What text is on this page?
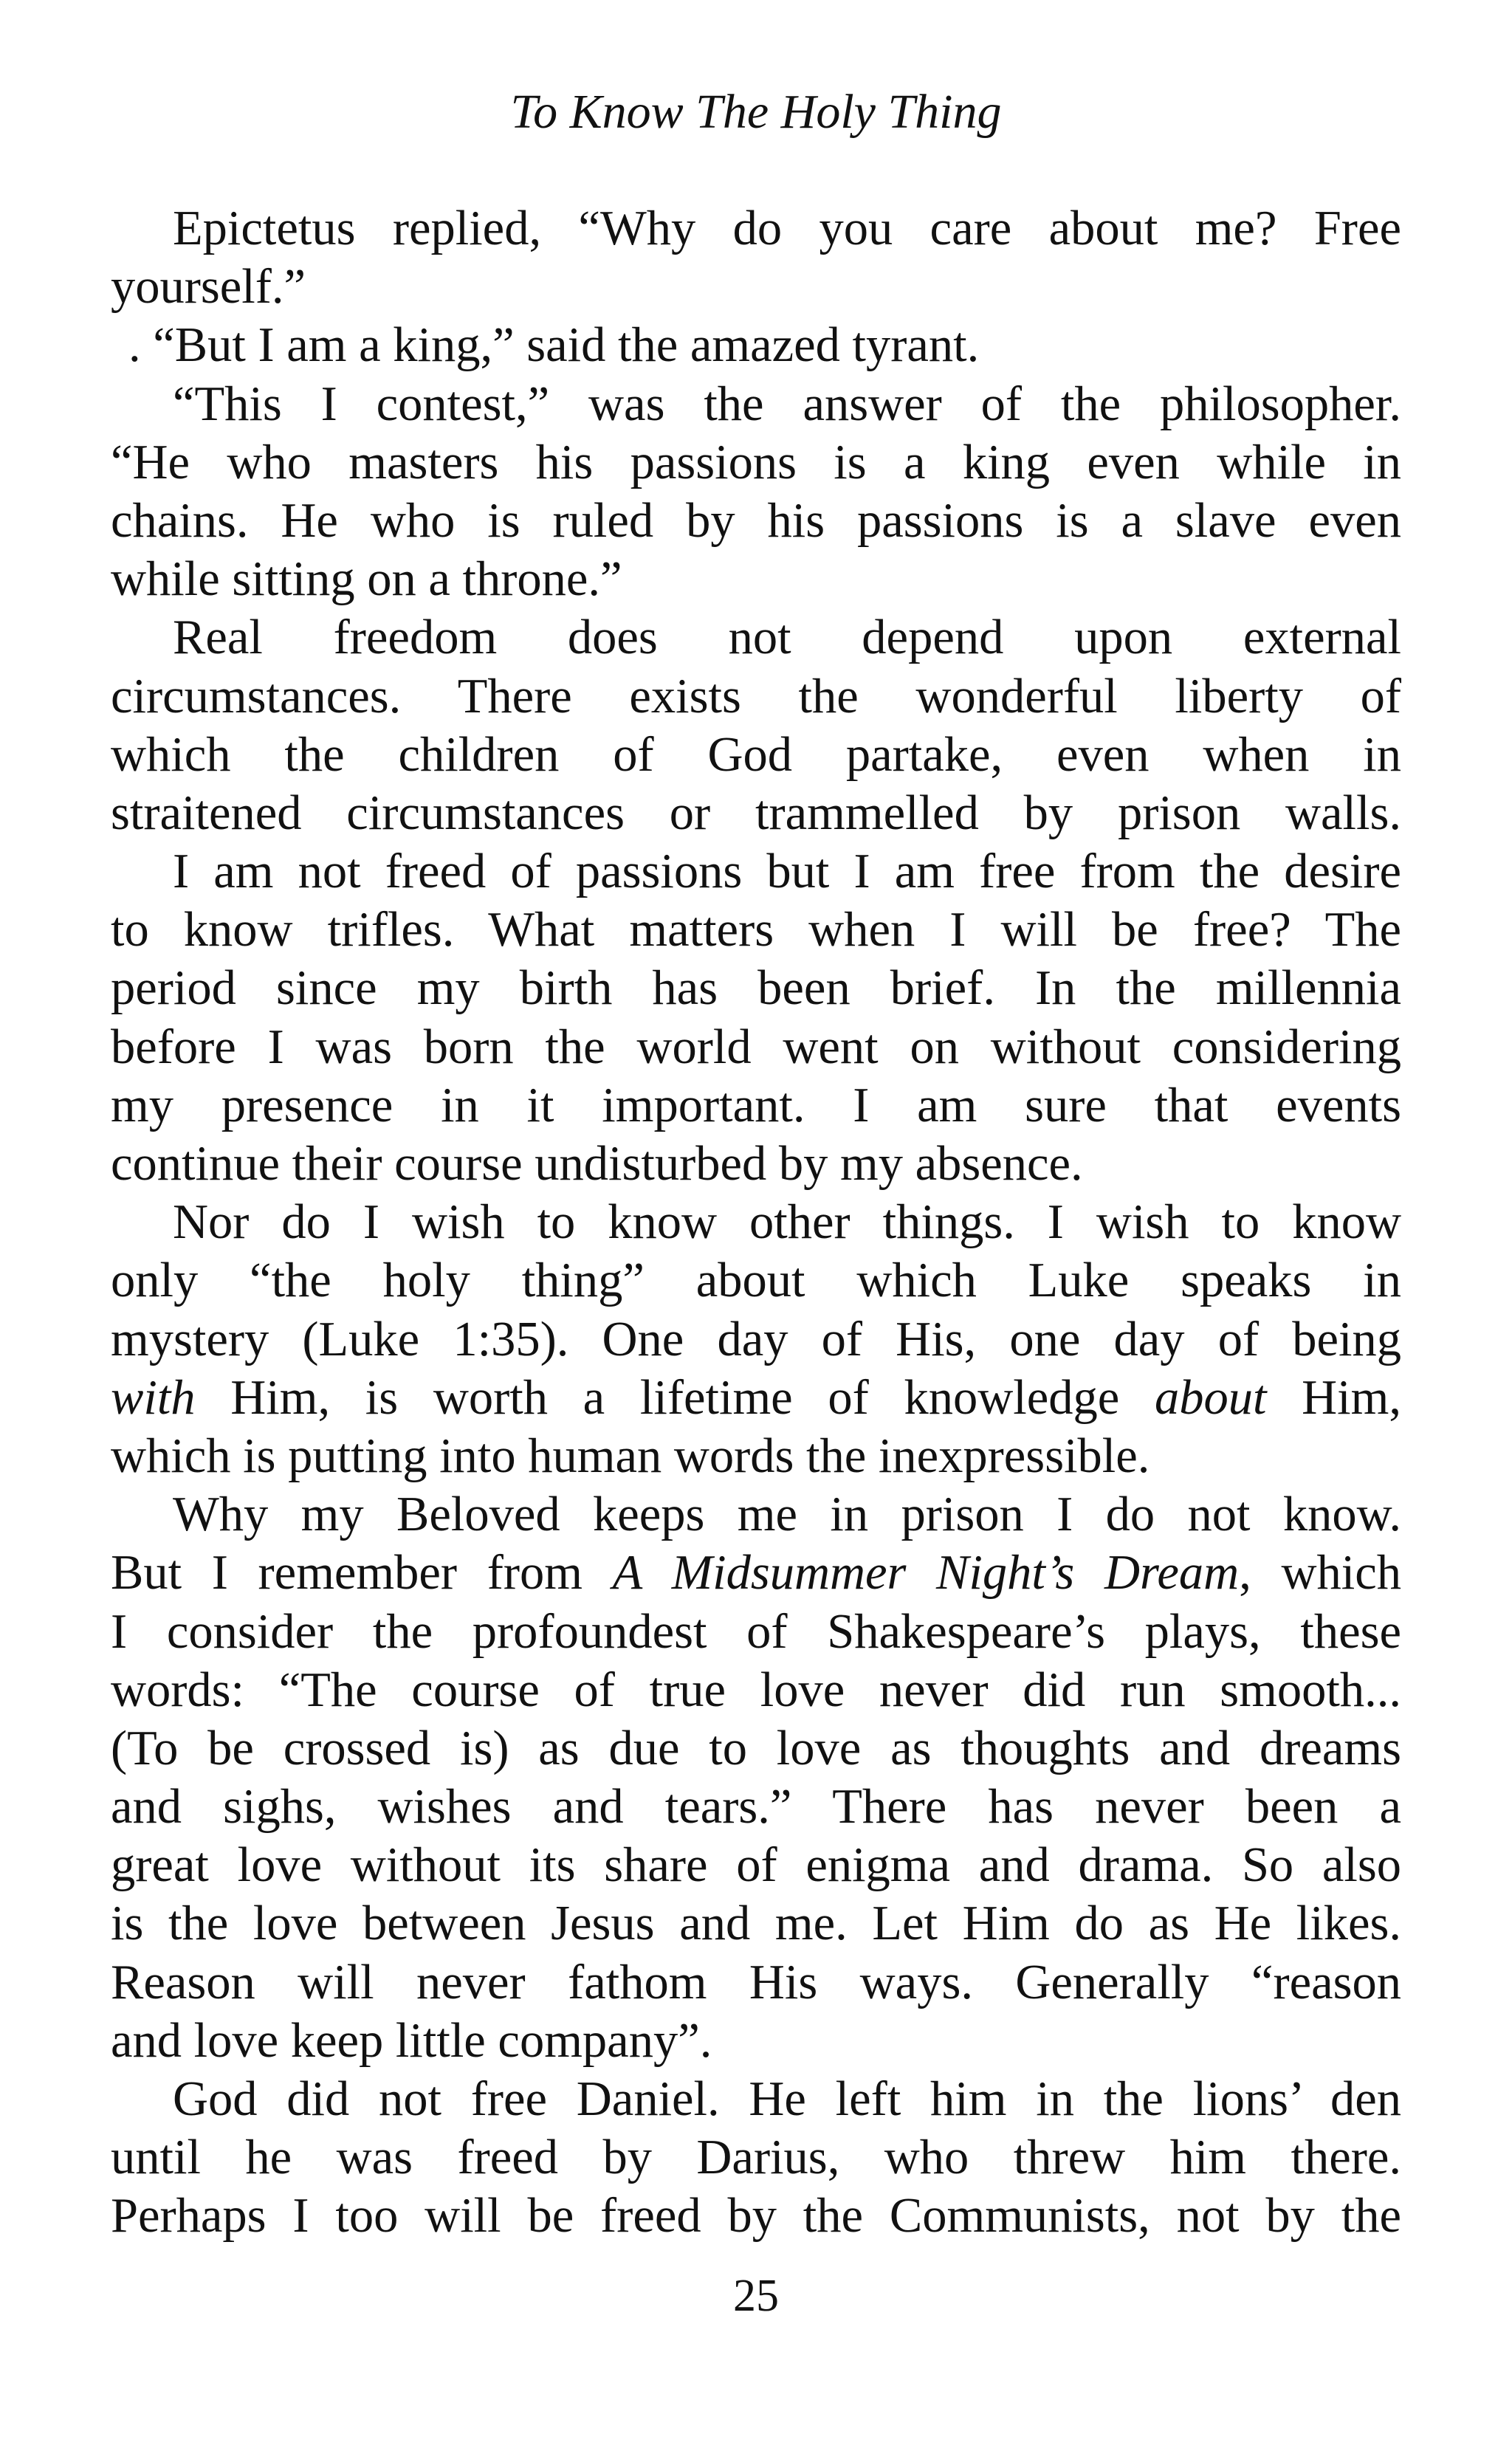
To Know The Holy Thing
Epictetus replied, “Why do you care about me? Free
yourself.”
. “But I am a king,” said the amazed tyrant.
“This I contest,” was the answer of the philosopher.
“He who masters his passions is a king even while in
chains. He who is ruled by his passions is a slave even
while sitting on a throne.”
Real freedom does not depend upon external
circumstances. There exists the wonderful liberty of
which the children of God partake, even when in
straitened circumstances or trammelled by prison walls.
I am not freed of passions but I am free from the desire
to know trifles. What matters when I will be free? The
period since my birth has been brief. In the millennia
before I was born the world went on without considering
my presence in it important. I am sure that events
continue their course undisturbed by my absence.
Nor do I wish to know other things. I wish to know
only “the holy thing” about which Luke speaks in
mystery (Luke 1:35). One day of His, one day of being
with Him, is worth a lifetime of knowledge about Him,
which is putting into human words the inexpressible.
Why my Beloved keeps me in prison I do not know.
But I remember from A Midsummer Night’s Dream, which
I consider the profoundest of Shakespeare’s plays, these
words: “The course of true love never did run smooth...
(To be crossed is) as due to love as thoughts and dreams
and sighs, wishes and tears.” There has never been a
great love without its share of enigma and drama. So also
is the love between Jesus and me. Let Him do as He likes.
Reason will never fathom His ways. Generally “reason
and love keep little company”.
God did not free Daniel. He left him in the lions’ den
until he was freed by Darius, who threw him there.
Perhaps I too will be freed by the Communists, not by the
25
